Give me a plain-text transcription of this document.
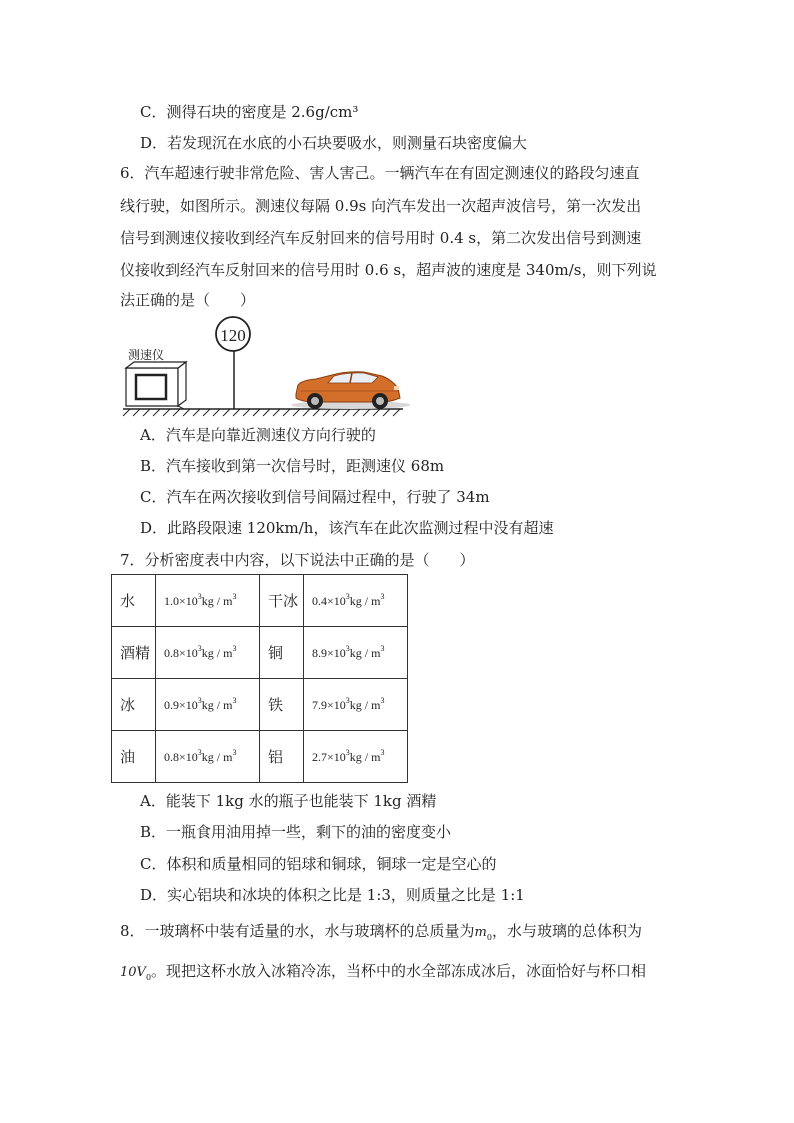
C．测得石块的密度是 2.6g/cm³
D．若发现沉在水底的小石块要吸水，则测量石块密度偏大
6．汽车超速行驶非常危险、害人害己。一辆汽车在有固定测速仪的路段匀速直
线行驶，如图所示。测速仪每隔 0.9s 向汽车发出一次超声波信号，第一次发出
信号到测速仪接收到经汽车反射回来的信号用时 0.4 s，第二次发出信号到测速
仪接收到经汽车反射回来的信号用时 0.6 s，超声波的速度是 340m/s，则下列说
法正确的是（　　）
测速仪
120
A．汽车是向靠近测速仪方向行驶的
B．汽车接收到第一次信号时，距测速仪 68m
C．汽车在两次接收到信号间隔过程中，行驶了 34m
D．此路段限速 120km/h，该汽车在此次监测过程中没有超速
7．分析密度表中内容，以下说法中正确的是（　　）
水	$1.0\times 10^3kg / m^3$	干冰	$0.4\times 10^3kg / m^3$
酒精	$0.8\times 10^3kg / m^3$	铜	$8.9\times 10^3kg / m^3$
冰	$0.9\times 10^3kg / m^3$	铁	$7.9\times 10^3kg / m^3$
油	$0.8\times 10^3kg / m^3$	铝	$2.7\times 10^3kg / m^3$
A．能装下 1kg 水的瓶子也能装下 1kg 酒精
B．一瓶食用油用掉一些，剩下的油的密度变小
C．体积和质量相同的铝球和铜球，铜球一定是空心的
D．实心铝块和冰块的体积之比是 1:3，则质量之比是 1:1
8．一玻璃杯中装有适量的水，水与玻璃杯的总质量为$m_0$，水与玻璃的总体积为
$10V_0$。现把这杯水放入冰箱冷冻，当杯中的水全部冻成冰后，冰面恰好与杯口相
